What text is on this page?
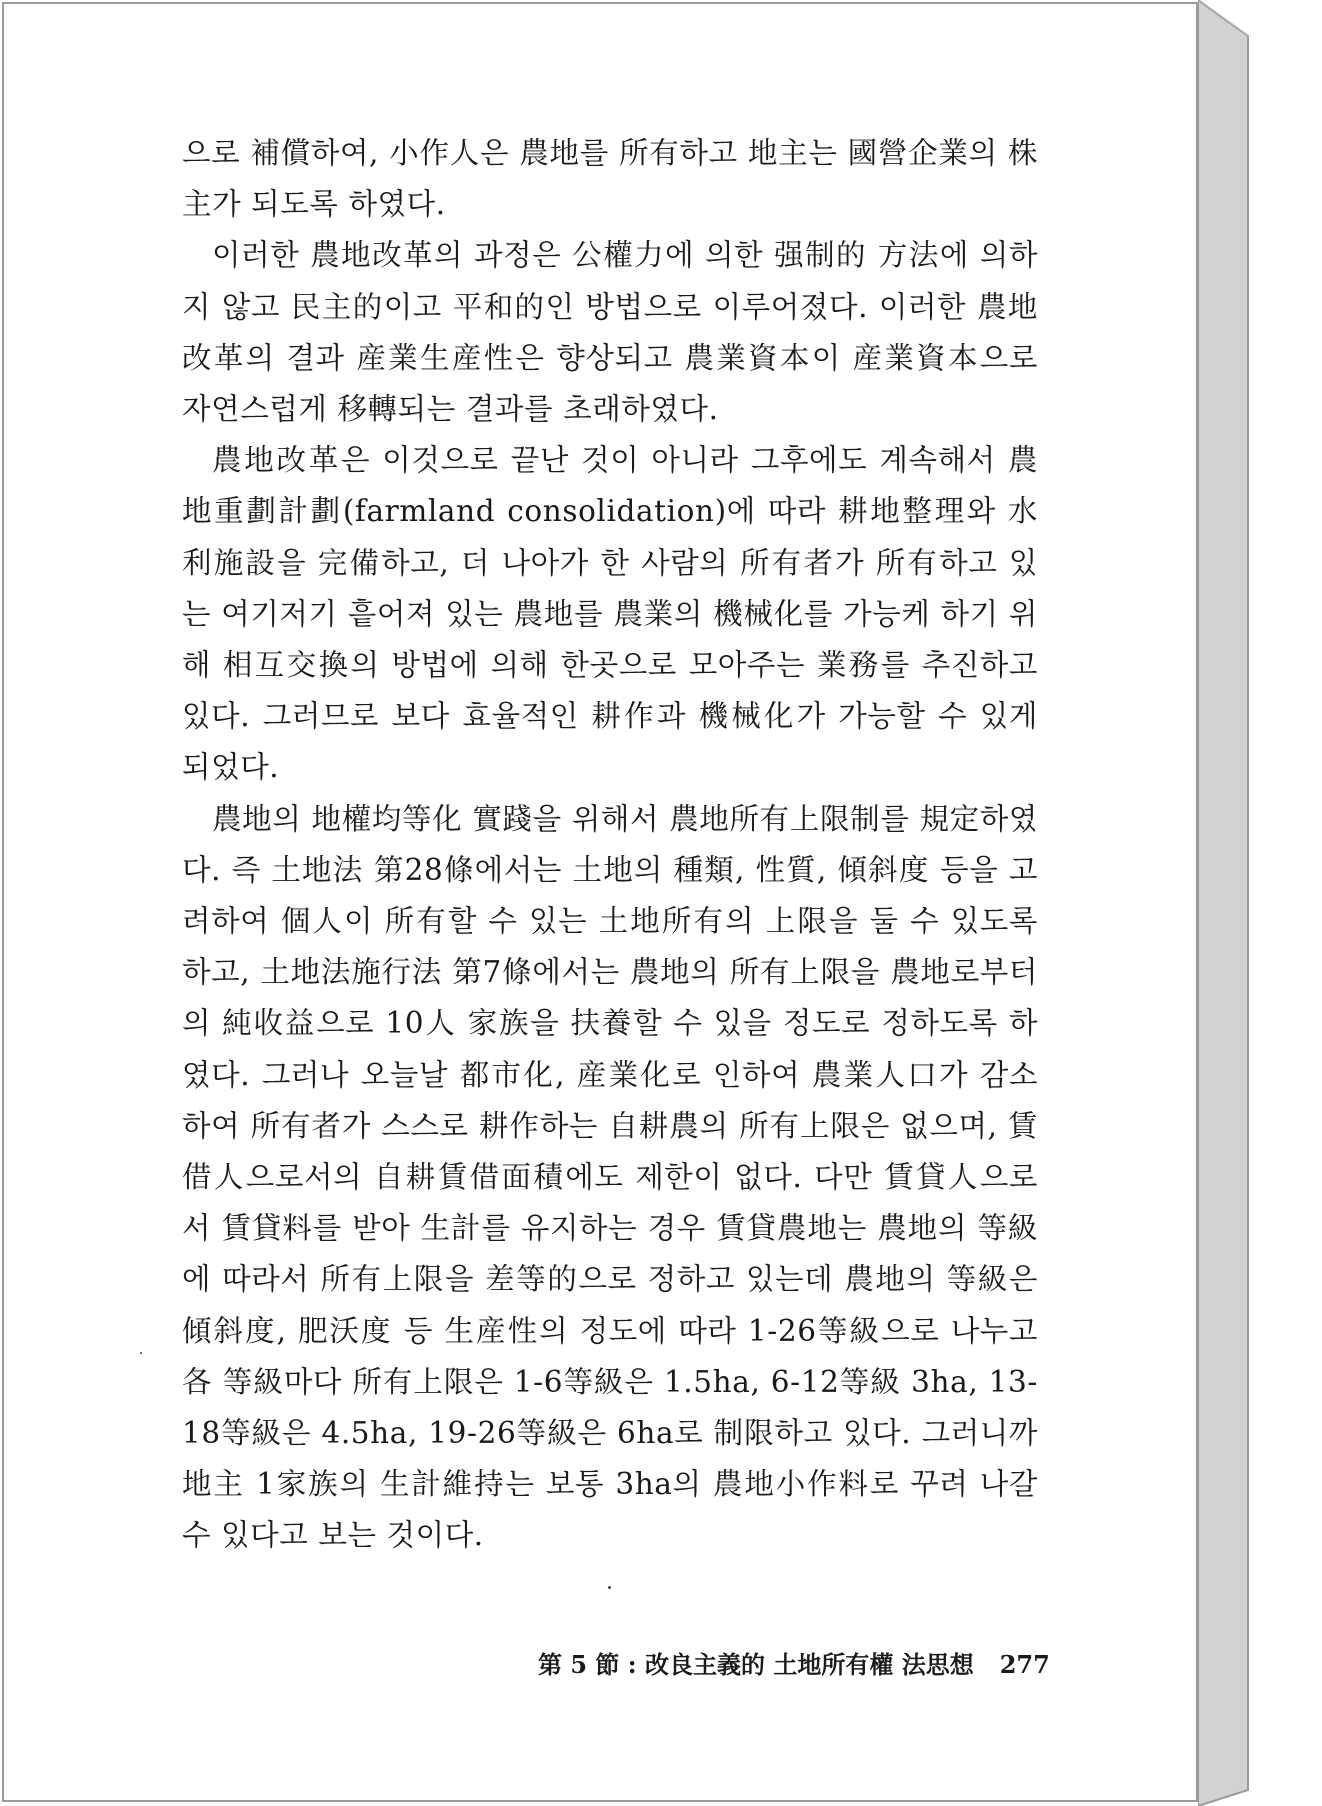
으로 補償하여, 小作人은 農地를 所有하고 地主는 國營企業의 株主가 되도록 하였다.

이러한 農地改革의 과정은 公權力에 의한 强制的 方法에 의하지 않고 民主的이고 平和的인 방법으로 이루어졌다. 이러한 農地改革의 결과 産業生産性은 향상되고 農業資本이 産業資本으로 자연스럽게 移轉되는 결과를 초래하였다.

農地改革은 이것으로 끝난 것이 아니라 그후에도 계속해서 農地重劃計劃(farmland consolidation)에 따라 耕地整理와 水利施設을 完備하고, 더 나아가 한 사람의 所有者가 所有하고 있는 여기저기 흩어져 있는 農地를 農業의 機械化를 가능케 하기 위해 相互交換의 방법에 의해 한곳으로 모아주는 業務를 추진하고 있다. 그러므로 보다 효율적인 耕作과 機械化가 가능할 수 있게 되었다.

農地의 地權均等化 實踐을 위해서 農地所有上限制를 規定하였다. 즉 土地法 第28條에서는 土地의 種類, 性質, 傾斜度 등을 고려하여 個人이 所有할 수 있는 土地所有의 上限을 둘 수 있도록 하고, 土地法施行法 第7條에서는 農地의 所有上限을 農地로부터의 純收益으로 10人 家族을 扶養할 수 있을 정도로 정하도록 하였다. 그러나 오늘날 都市化, 産業化로 인하여 農業人口가 감소하여 所有者가 스스로 耕作하는 自耕農의 所有上限은 없으며, 賃借人으로서의 自耕賃借面積에도 제한이 없다. 다만 賃貸人으로서 賃貸料를 받아 生計를 유지하는 경우 賃貸農地는 農地의 等級에 따라서 所有上限을 差等的으로 정하고 있는데 農地의 等級은 傾斜度, 肥沃度 등 生産性의 정도에 따라 1-26等級으로 나누고 各 等級마다 所有上限은 1-6等級은 1.5ha, 6-12等級 3ha, 13-18等級은 4.5ha, 19-26等級은 6ha로 制限하고 있다. 그러니까 地主 1家族의 生計維持는 보통 3ha의 農地小作料로 꾸려 나갈 수 있다고 보는 것이다.

第 5 節 : 改良主義的 土地所有權 法思想 277
